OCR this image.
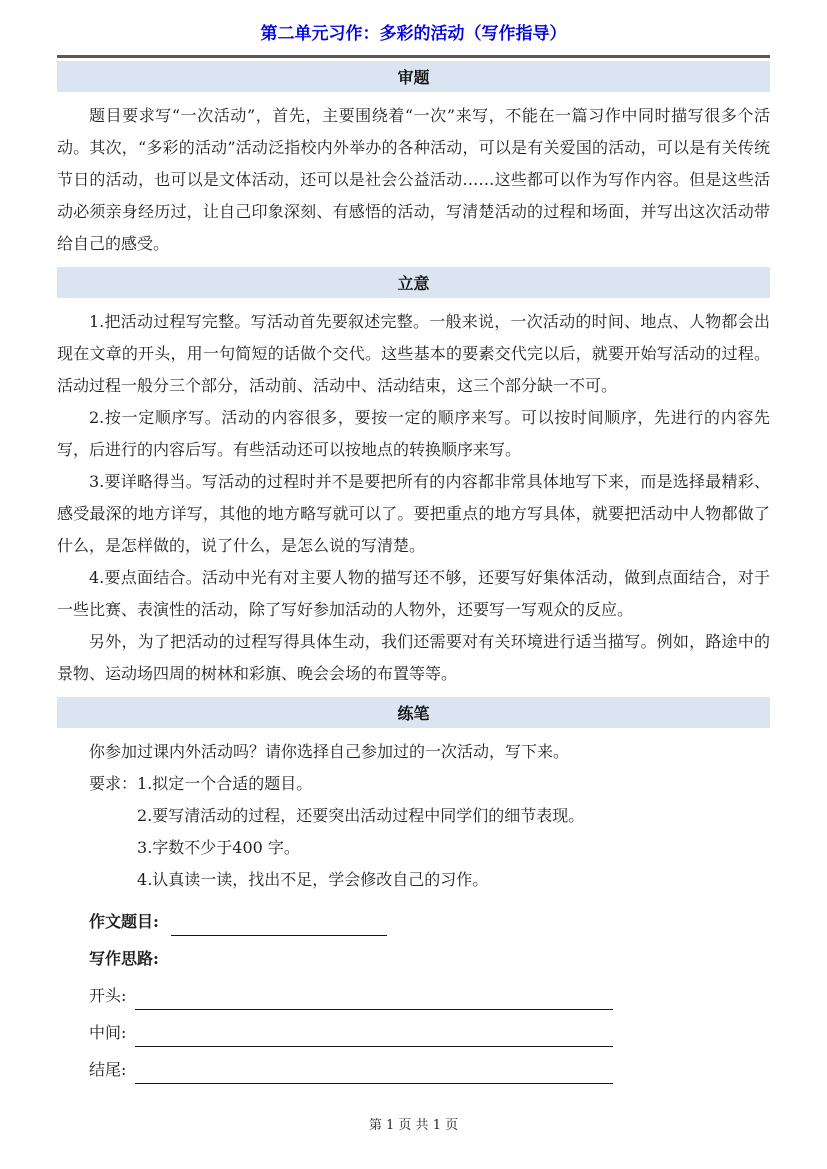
第二单元习作：多彩的活动（写作指导）
审题

题目要求写“一次活动”，首先，主要围绕着“一次”来写，不能在一篇习作中同时描写很多个活动。其次，“多彩的活动”活动泛指校内外举办的各种活动，可以是有关爱国的活动，可以是有关传统节日的活动，也可以是文体活动，还可以是社会公益活动……这些都可以作为写作内容。但是这些活动必须亲身经历过，让自己印象深刻、有感悟的活动，写清楚活动的过程和场面，并写出这次活动带给自己的感受。

立意

1.把活动过程写完整。写活动首先要叙述完整。一般来说，一次活动的时间、地点、人物都会出现在文章的开头，用一句简短的话做个交代。这些基本的要素交代完以后，就要开始写活动的过程。活动过程一般分三个部分，活动前、活动中、活动结束，这三个部分缺一不可。

2.按一定顺序写。活动的内容很多，要按一定的顺序来写。可以按时间顺序，先进行的内容先写，后进行的内容后写。有些活动还可以按地点的转换顺序来写。

3.要详略得当。写活动的过程时并不是要把所有的内容都非常具体地写下来，而是选择最精彩、感受最深的地方详写，其他的地方略写就可以了。要把重点的地方写具体，就要把活动中人物都做了什么，是怎样做的，说了什么，是怎么说的写清楚。

4.要点面结合。活动中光有对主要人物的描写还不够，还要写好集体活动，做到点面结合，对于一些比赛、表演性的活动，除了写好参加活动的人物外，还要写一写观众的反应。

另外，为了把活动的过程写得具体生动，我们还需要对有关环境进行适当描写。例如，路途中的景物、运动场四周的树林和彩旗、晚会会场的布置等等。

练笔

你参加过课内外活动吗？请你选择自己参加过的一次活动，写下来。

要求： 1.拟定一个合适的题目。
2.要写清活动的过程，还要突出活动过程中同学们的细节表现。
3.字数不少于400 字。
4.认真读一读，找出不足，学会修改自己的习作。
作文题目:
写作思路:
开头:
中间:
结尾:
第 1 页 共 1 页
